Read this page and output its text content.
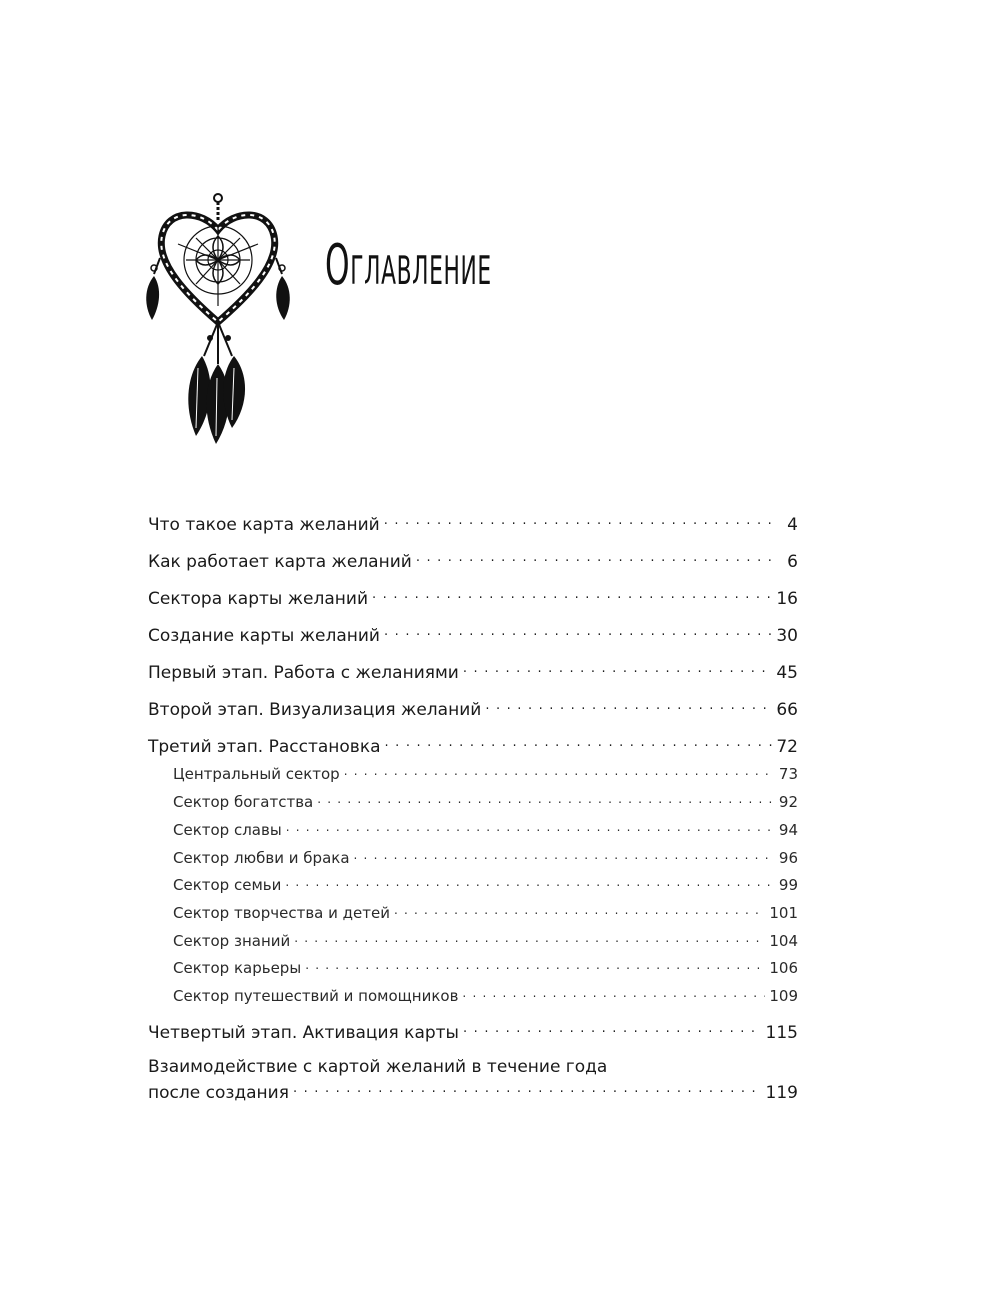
Оглавление
Что такое карта желаний . . .	4
Как работает карта желаний . . .	6
Сектора карты желаний . . .	16
Создание карты желаний . . .	30
Первый этап. Работа с желаниями . . .	45
Второй этап. Визуализация желаний . . .	66
Третий этап. Расстановка . . .	72
Центральный сектор . . .	73
Сектор богатства . . .	92
Сектор славы . . .	94
Сектор любви и брака . . .	96
Сектор семьи . . .	99
Сектор творчества и детей . . .	101
Сектор знаний . . .	104
Сектор карьеры . . .	106
Сектор путешествий и помощников . . .	109
Четвертый этап. Активация карты . . .	115
Взаимодействие с картой желаний в течение года
после создания . . .	119
